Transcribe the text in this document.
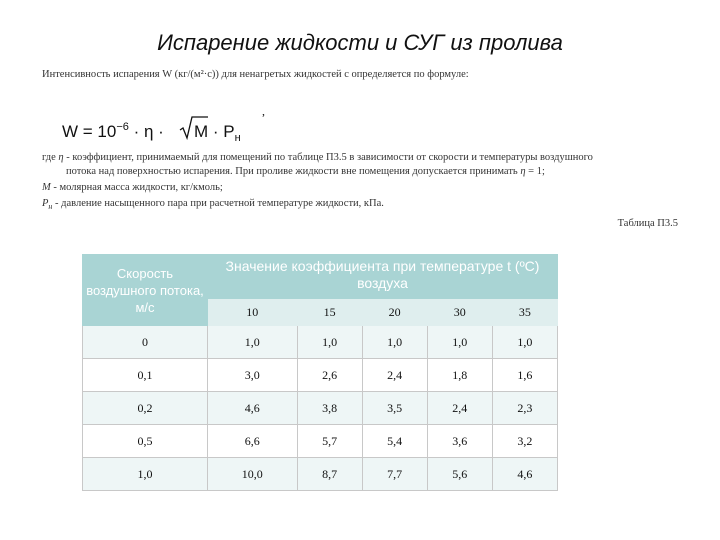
Испарение жидкости и СУГ из пролива
Интенсивность испарения W (кг/(м²·с)) для ненагретых жидкостей с определяется по формуле:
,
$W = 10^{-6} \cdot \eta \cdot M \cdot P_н$
где η - коэффициент, принимаемый для помещений по таблице П3.5 в зависимости от скорости и температуры воздушного
потока над поверхностью испарения. При проливе жидкости вне помещения допускается принимать η = 1;
М - молярная масса жидкости, кг/кмоль;
$P_н$ - давление насыщенного пара при расчетной температуре жидкости, кПа.
Таблица П3.5
Скорость воздушного потока, м/с	Значение коэффициента при температуре t (ºС) воздуха				
	10	15	20	30	35
0	1,0	1,0	1,0	1,0	1,0
0,1	3,0	2,6	2,4	1,8	1,6
0,2	4,6	3,8	3,5	2,4	2,3
0,5	6,6	5,7	5,4	3,6	3,2
1,0	10,0	8,7	7,7	5,6	4,6
